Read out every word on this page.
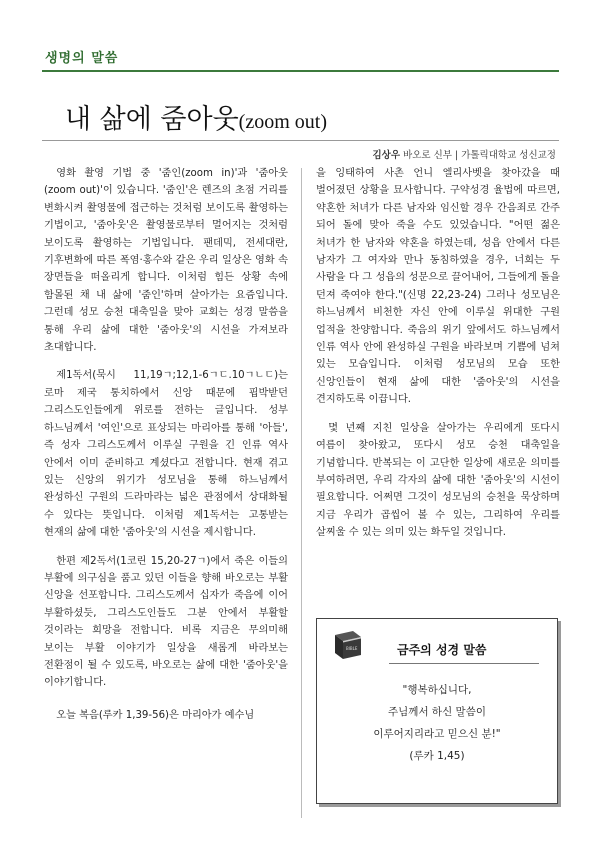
생명의 말씀
내 삶에 줌아웃(zoom out)
김상우 바오로 신부 | 가톨릭대학교 성신교정

영화 촬영 기법 중 '줌인(zoom in)'과 '줌아웃(zoom out)'이 있습니다. '줌인'은 렌즈의 초점 거리를 변화시켜 촬영물에 접근하는 것처럼 보이도록 촬영하는 기법이고, '줌아웃'은 촬영물로부터 멀어지는 것처럼 보이도록 촬영하는 기법입니다. 팬데믹, 전세대란, 기후변화에 따른 폭염·홍수와 같은 우리 일상은 영화 속 장면들을 떠올리게 합니다. 이처럼 힘든 상황 속에 함몰된 채 내 삶에 '줌인'하며 살아가는 요즘입니다. 그런데 성모 승천 대축일을 맞아 교회는 성경 말씀을 통해 우리 삶에 대한 '줌아웃'의 시선을 가져보라 초대합니다.

제1독서(묵시 11,19ㄱ;12,1-6ㄱㄷ.10ㄱㄴㄷ)는 로마 제국 통치하에서 신앙 때문에 핍박받던 그리스도인들에게 위로를 전하는 글입니다. 성부 하느님께서 '여인'으로 표상되는 마리아를 통해 '아들', 즉 성자 그리스도께서 이루실 구원을 긴 인류 역사 안에서 이미 준비하고 계셨다고 전합니다. 현재 겪고 있는 신앙의 위기가 성모님을 통해 하느님께서 완성하신 구원의 드라마라는 넓은 관점에서 상대화될 수 있다는 뜻입니다. 이처럼 제1독서는 고통받는 현재의 삶에 대한 '줌아웃'의 시선을 제시합니다.

한편 제2독서(1코린 15,20-27ㄱ)에서 죽은 이들의 부활에 의구심을 품고 있던 이들을 향해 바오로는 부활 신앙을 선포합니다. 그리스도께서 십자가 죽음에 이어 부활하셨듯, 그리스도인들도 그분 안에서 부활할 것이라는 희망을 전합니다. 비록 지금은 무의미해 보이는 부활 이야기가 일상을 새롭게 바라보는 전환점이 될 수 있도록, 바오로는 삶에 대한 '줌아웃'을 이야기합니다.

오늘 복음(루카 1,39-56)은 마리아가 예수님

을 잉태하여 사촌 언니 엘리사벳을 찾아갔을 때 벌어졌던 상황을 묘사합니다. 구약성경 율법에 따르면, 약혼한 처녀가 다른 남자와 임신할 경우 간음죄로 간주 되어 돌에 맞아 죽을 수도 있었습니다. "어떤 젊은 처녀가 한 남자와 약혼을 하였는데, 성읍 안에서 다른 남자가 그 여자와 만나 동침하였을 경우, 너희는 두 사람을 다 그 성읍의 성문으로 끌어내어, 그들에게 돌을 던져 죽여야 한다."(신명 22,23-24) 그러나 성모님은 하느님께서 비천한 자신 안에 이루실 위대한 구원 업적을 찬양합니다. 죽음의 위기 앞에서도 하느님께서 인류 역사 안에 완성하실 구원을 바라보며 기쁨에 넘쳐 있는 모습입니다. 이처럼 성모님의 모습 또한 신앙인들이 현재 삶에 대한 '줌아웃'의 시선을 견지하도록 이끕니다.

몇 년째 지친 일상을 살아가는 우리에게 또다시 여름이 찾아왔고, 또다시 성모 승천 대축일을 기념합니다. 반복되는 이 고단한 일상에 새로운 의미를 부여하려면, 우리 각자의 삶에 대한 '줌아웃'의 시선이 필요합니다. 어쩌면 그것이 성모님의 승천을 묵상하며 지금 우리가 곱씹어 볼 수 있는, 그리하여 우리를 살찌울 수 있는 의미 있는 화두일 것입니다.

BIBLE	금주의 성경 말씀
"행복하십니다,
주님께서 하신 말씀이
이루어지리라고 믿으신 분!"
(루카 1,45)
